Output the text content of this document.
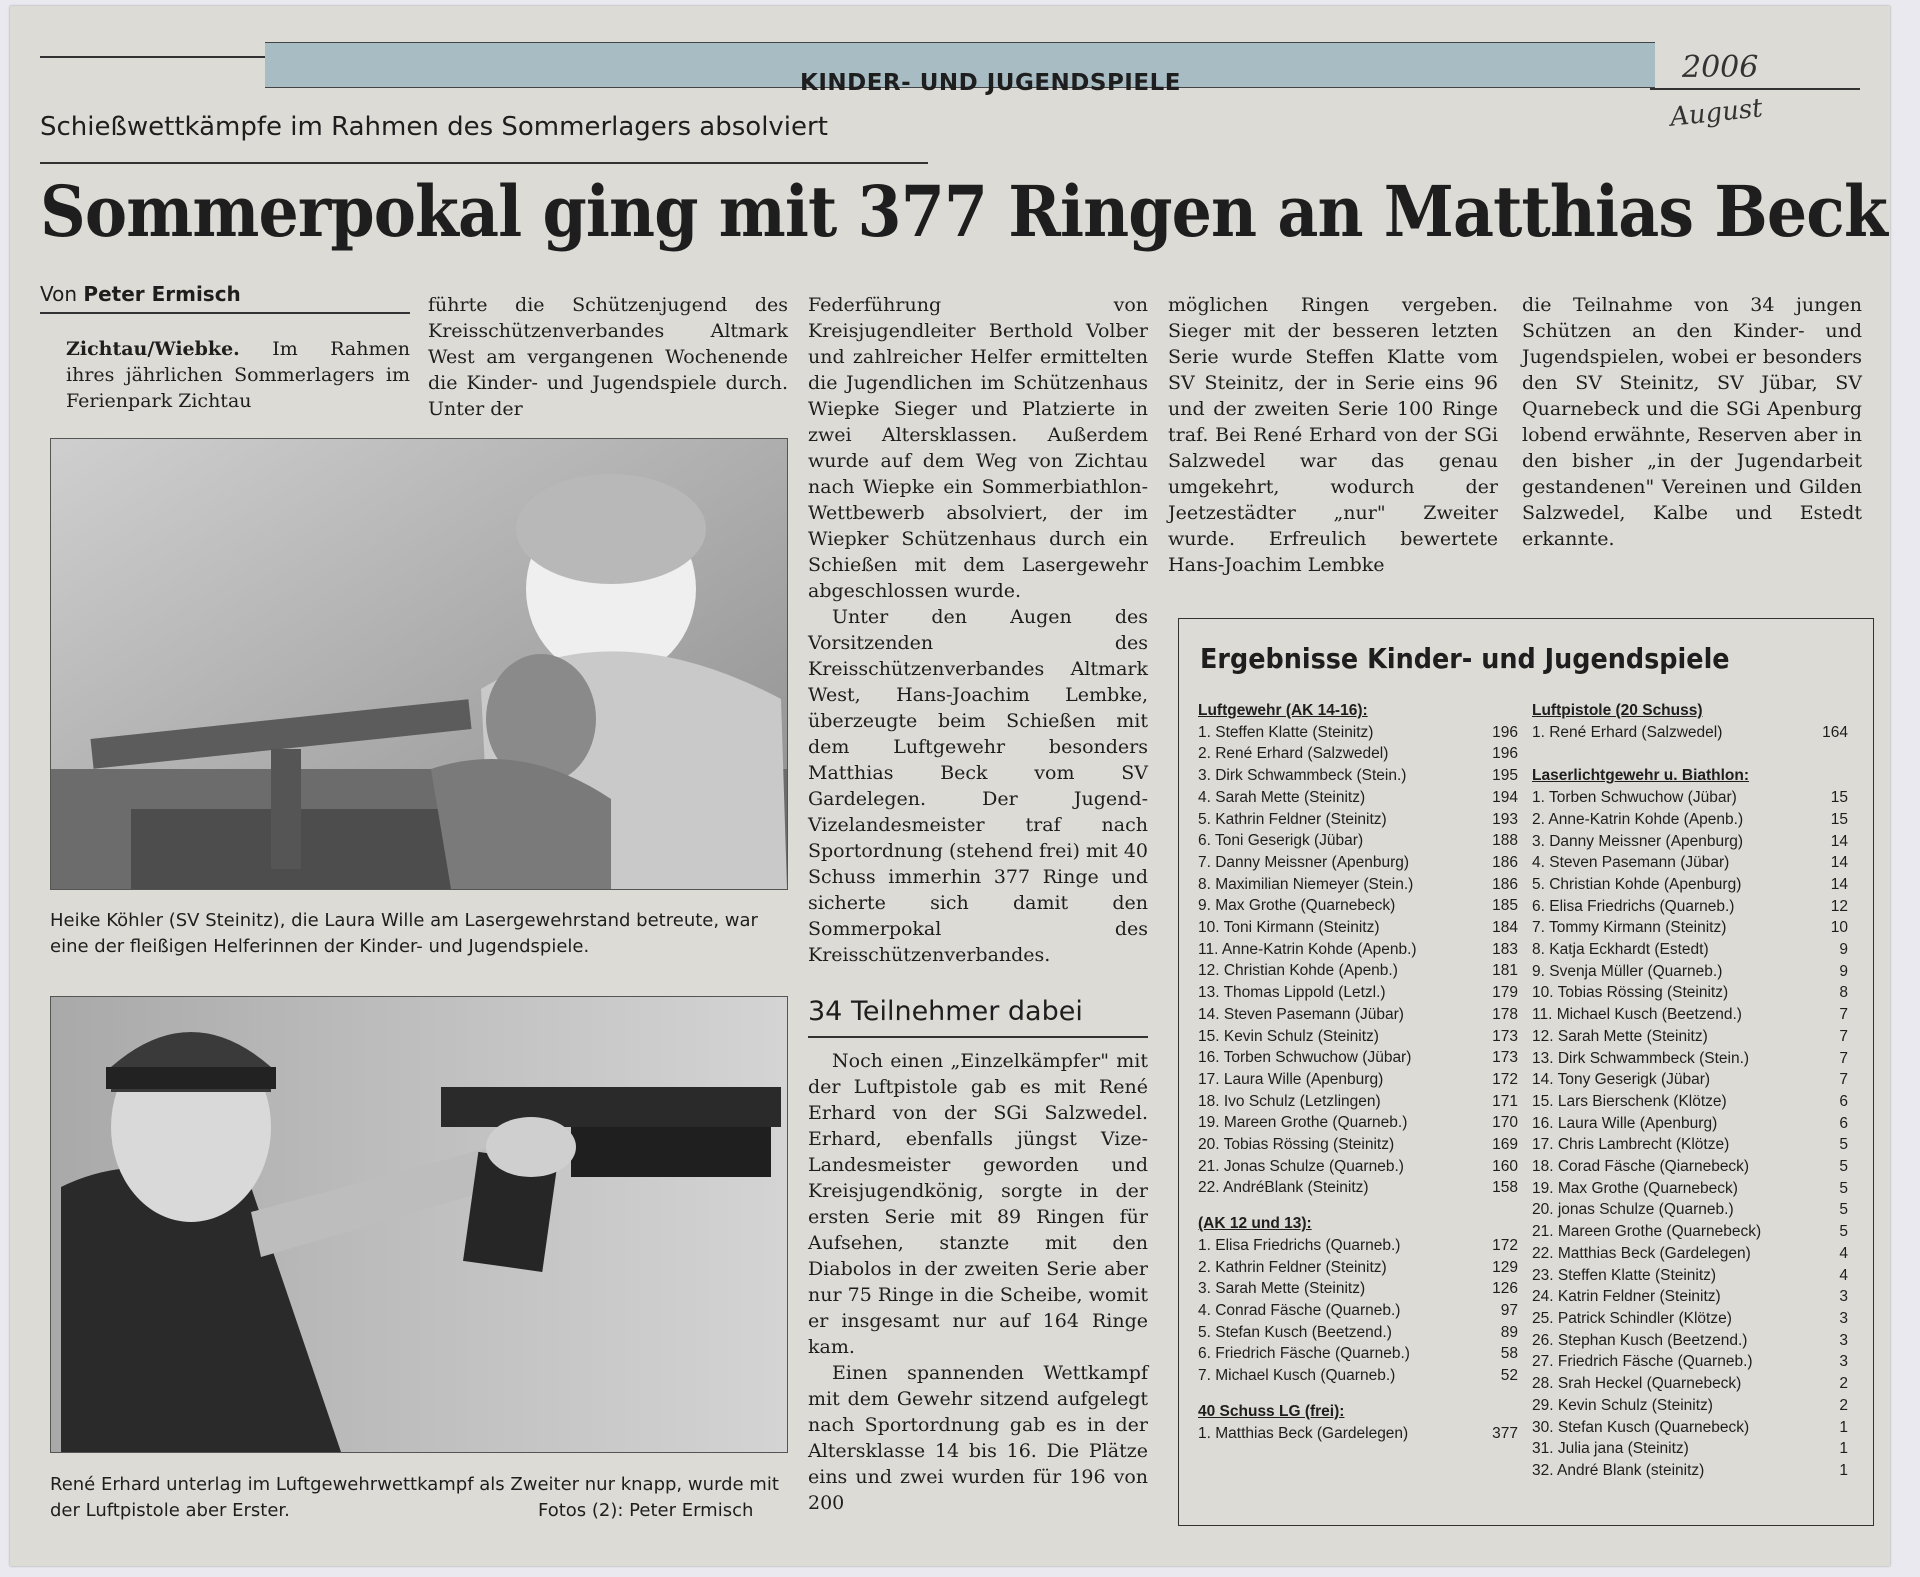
KINDER- UND JUGENDSPIELE	2006
August
Schießwettkämpfe im Rahmen des Sommerlagers absolviert
Sommerpokal ging mit 377 Ringen an Matthias Beck
Von Peter Ermisch

Zichtau/Wiebke. Im Rahmen ihres jährlichen Sommerlagers im Ferienpark Zichtau

führte die Schützenjugend des Kreisschützenverbandes Altmark West am vergangenen Wochenende die Kinder- und Jugendspiele durch. Unter der

Heike Köhler (SV Steinitz), die Laura Wille am Lasergewehrstand betreute, war eine der fleißigen Helferinnen der Kinder- und Jugendspiele.
René Erhard unterlag im Luftgewehrwettkampf als Zweiter nur knapp, wurde mit der Luftpistole aber Erster.	Fotos (2): Peter Ermisch

Federführung von Kreisjugendleiter Berthold Volber und zahlreicher Helfer ermittelten die Jugendlichen im Schützenhaus Wiepke Sieger und Platzierte in zwei Altersklassen. Außerdem wurde auf dem Weg von Zichtau nach Wiepke ein Sommerbiathlon-Wettbewerb absolviert, der im Wiepker Schützenhaus durch ein Schießen mit dem Lasergewehr abgeschlossen wurde.

Unter den Augen des Vorsitzenden des Kreisschützenverbandes Altmark West, Hans-Joachim Lembke, überzeugte beim Schießen mit dem Luftgewehr besonders Matthias Beck vom SV Gardelegen. Der Jugend-Vizelandesmeister traf nach Sportordnung (stehend frei) mit 40 Schuss immerhin 377 Ringe und sicherte sich damit den Sommerpokal des Kreisschützenverbandes.

34 Teilnehmer dabei

Noch einen „Einzelkämpfer" mit der Luftpistole gab es mit René Erhard von der SGi Salzwedel. Erhard, ebenfalls jüngst Vize-Landesmeister geworden und Kreisjugendkönig, sorgte in der ersten Serie mit 89 Ringen für Aufsehen, stanzte mit den Diabolos in der zweiten Serie aber nur 75 Ringe in die Scheibe, womit er insgesamt nur auf 164 Ringe kam.

Einen spannenden Wettkampf mit dem Gewehr sitzend aufgelegt nach Sportordnung gab es in der Altersklasse 14 bis 16. Die Plätze eins und zwei wurden für 196 von 200

möglichen Ringen vergeben. Sieger mit der besseren letzten Serie wurde Steffen Klatte vom SV Steinitz, der in Serie eins 96 und der zweiten Serie 100 Ringe traf. Bei René Erhard von der SGi Salzwedel war das genau umgekehrt, wodurch der Jeetzestädter „nur" Zweiter wurde. Erfreulich bewertete Hans-Joachim Lembke

die Teilnahme von 34 jungen Schützen an den Kinder- und Jugendspielen, wobei er besonders den SV Steinitz, SV Jübar, SV Quarnebeck und die SGi Apenburg lobend erwähnte, Reserven aber in den bisher „in der Jugendarbeit gestandenen" Vereinen und Gilden Salzwedel, Kalbe und Estedt erkannte.

Ergebnisse Kinder- und Jugendspiele
Luftgewehr (AK 14-16):
1. Steffen Klatte (Steinitz)	196
2. René Erhard (Salzwedel)	196
3. Dirk Schwammbeck (Stein.)	195
4. Sarah Mette (Steinitz)	194
5. Kathrin Feldner (Steinitz)	193
6. Toni Geserigk (Jübar)	188
7. Danny Meissner (Apenburg)	186
8. Maximilian Niemeyer (Stein.)	186
9. Max Grothe (Quarnebeck)	185
10. Toni Kirmann (Steinitz)	184
11. Anne-Katrin Kohde (Apenb.)	183
12. Christian Kohde (Apenb.)	181
13. Thomas Lippold (Letzl.)	179
14. Steven Pasemann (Jübar)	178
15. Kevin Schulz (Steinitz)	173
16. Torben Schwuchow (Jübar)	173
17. Laura Wille (Apenburg)	172
18. Ivo Schulz (Letzlingen)	171
19. Mareen Grothe (Quarneb.)	170
20. Tobias Rössing (Steinitz)	169
21. Jonas Schulze (Quarneb.)	160
22. AndréBlank (Steinitz)	158
(AK 12 und 13):
1. Elisa Friedrichs (Quarneb.)	172
2. Kathrin Feldner (Steinitz)	129
3. Sarah Mette (Steinitz)	126
4. Conrad Fäsche (Quarneb.)	97
5. Stefan Kusch (Beetzend.)	89
6. Friedrich Fäsche (Quarneb.)	58
7. Michael Kusch (Quarneb.)	52
40 Schuss LG (frei):
1. Matthias Beck (Gardelegen)	377
Luftpistole (20 Schuss)
1. René Erhard (Salzwedel)	164
Laserlichtgewehr u. Biathlon:
1. Torben Schwuchow (Jübar)	15
2. Anne-Katrin Kohde (Apenb.)	15
3. Danny Meissner (Apenburg)	14
4. Steven Pasemann (Jübar)	14
5. Christian Kohde (Apenburg)	14
6. Elisa Friedrichs (Quarneb.)	12
7. Tommy Kirmann (Steinitz)	10
8. Katja Eckhardt (Estedt)	9
9. Svenja Müller (Quarneb.)	9
10. Tobias Rössing (Steinitz)	8
11. Michael Kusch (Beetzend.)	7
12. Sarah Mette (Steinitz)	7
13. Dirk Schwammbeck (Stein.)	7
14. Tony Geserigk (Jübar)	7
15. Lars Bierschenk (Klötze)	6
16. Laura Wille (Apenburg)	6
17. Chris Lambrecht (Klötze)	5
18. Corad Fäsche (Qiarnebeck)	5
19. Max Grothe (Quarnebeck)	5
20. jonas Schulze (Quarneb.)	5
21. Mareen Grothe (Quarnebeck)	5
22. Matthias Beck (Gardelegen)	4
23. Steffen Klatte (Steinitz)	4
24. Katrin Feldner (Steinitz)	3
25. Patrick Schindler (Klötze)	3
26. Stephan Kusch (Beetzend.)	3
27. Friedrich Fäsche (Quarneb.)	3
28. Srah Heckel (Quarnebeck)	2
29. Kevin Schulz (Steinitz)	2
30. Stefan Kusch (Quarnebeck)	1
31. Julia jana (Steinitz)	1
32. André Blank (steinitz)	1
